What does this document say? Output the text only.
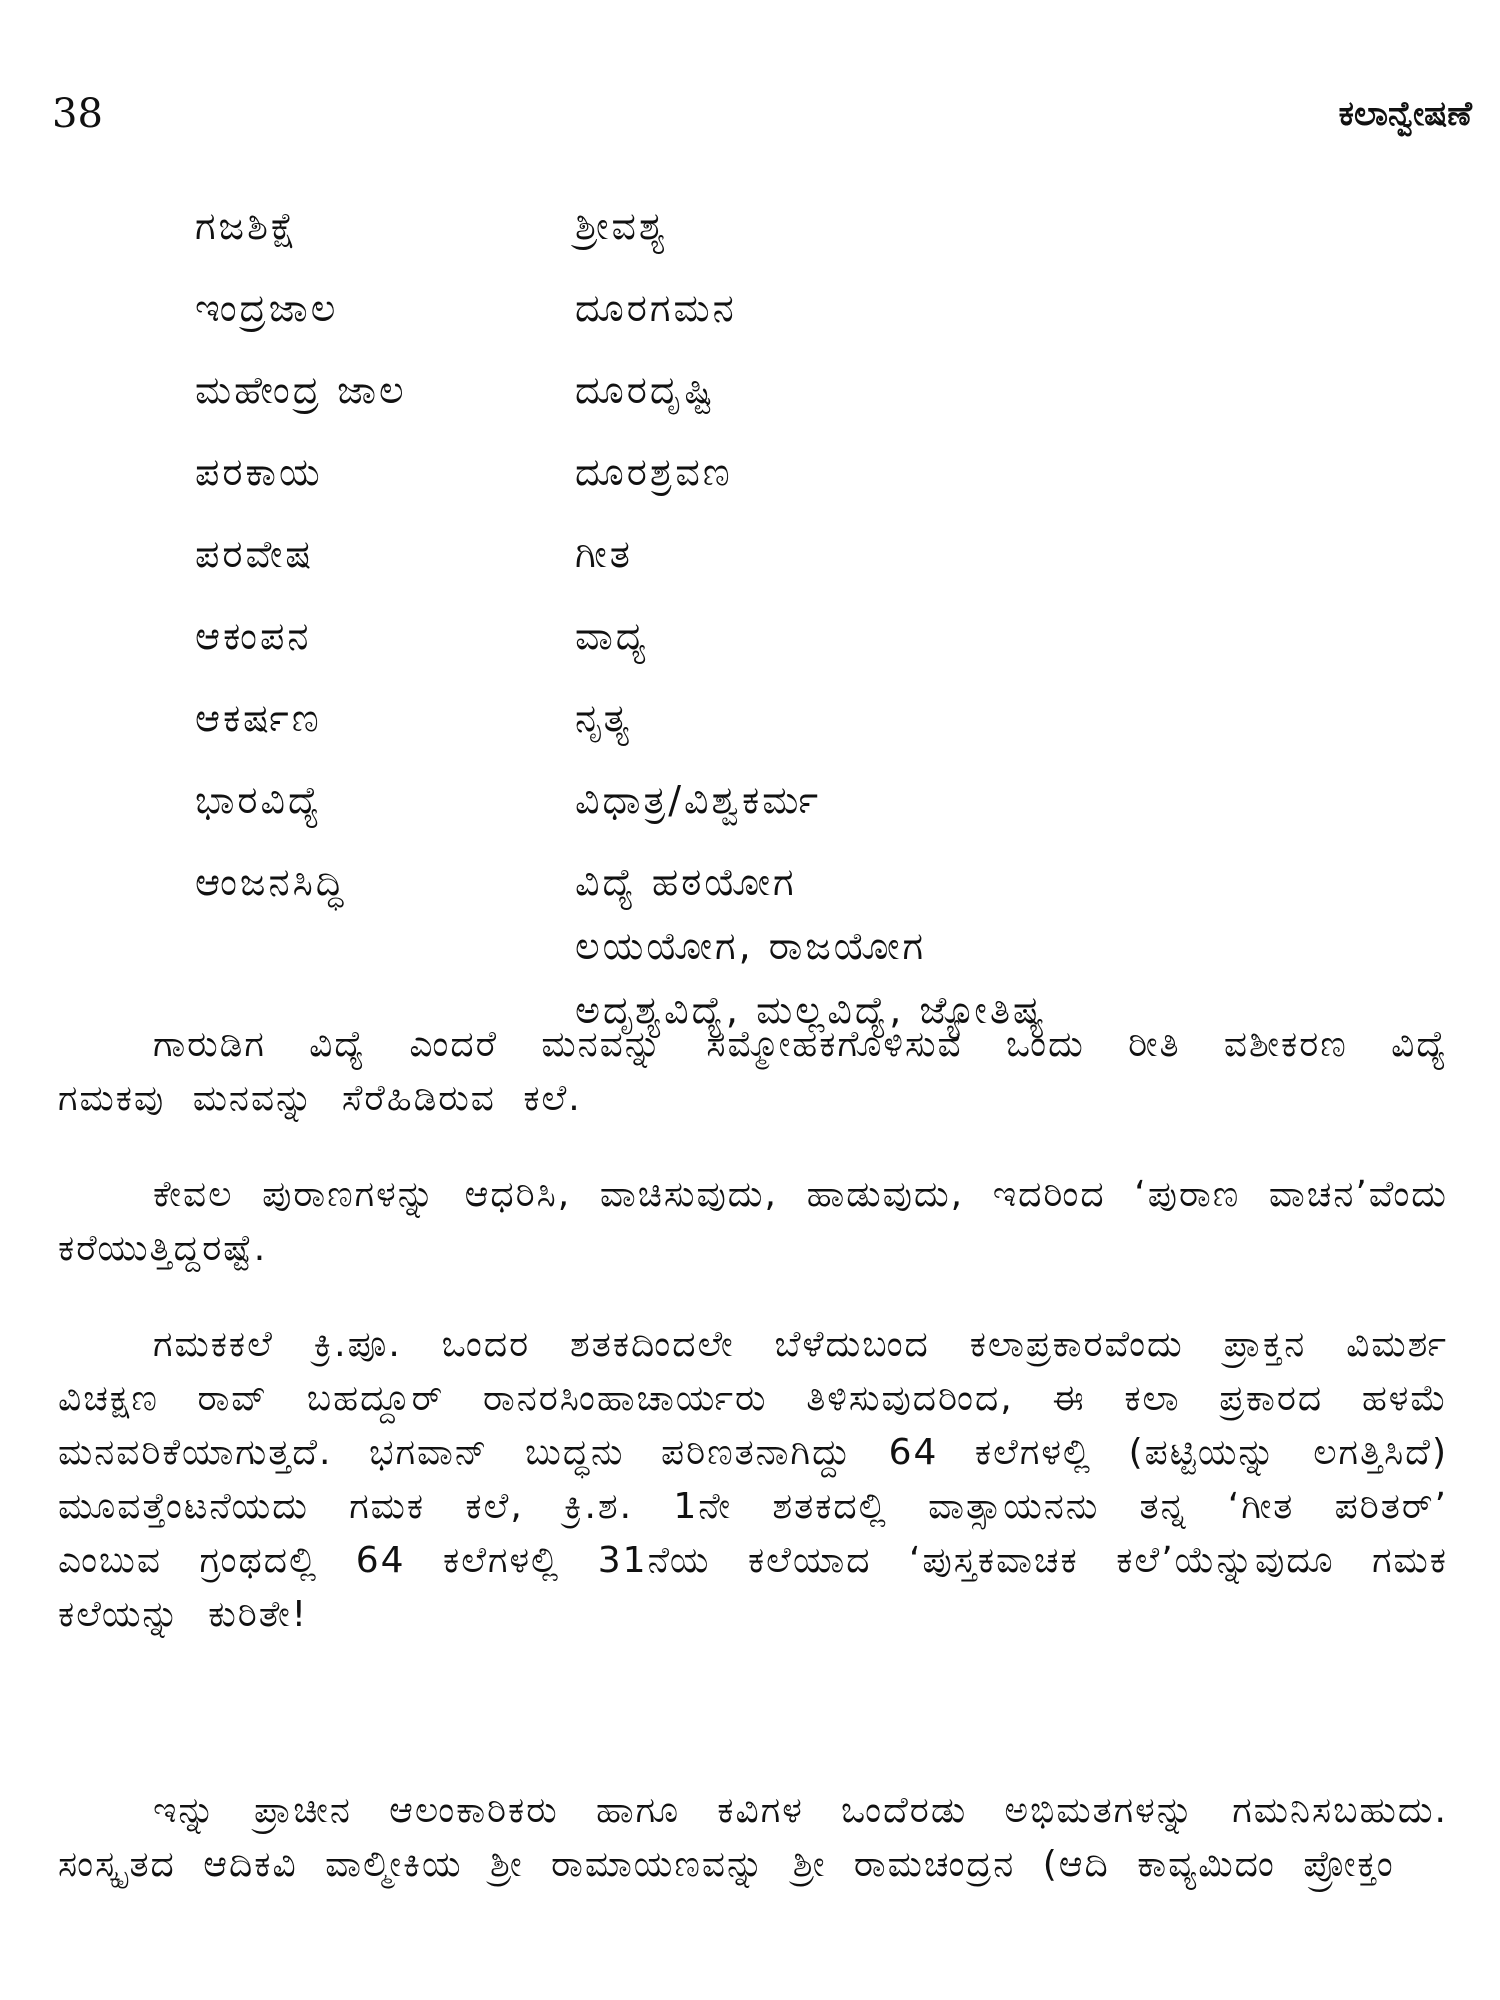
38	ಕಲಾನ್ವೇಷಣೆ
ಗಜಶಿಕ್ಷೆ	ಶ್ರೀವಶ್ಯ
ಇಂದ್ರಜಾಲ	ದೂರಗಮನ
ಮಹೇಂದ್ರ ಜಾಲ	ದೂರದೃಷ್ಟಿ
ಪರಕಾಯ	ದೂರಶ್ರವಣ
ಪರವೇಷ	ಗೀತ
ಆಕಂಪನ	ವಾದ್ಯ
ಆಕರ್ಷಣ	ನೃತ್ಯ
ಭಾರವಿದ್ಯೆ	ವಿಧಾತ್ರ/ವಿಶ್ವಕರ್ಮ
ಆಂಜನಸಿದ್ಧಿ	ವಿದ್ಯೆ ಹಠಯೋಗ
ಲಯಯೋಗ, ರಾಜಯೋಗ
ಅದೃಶ್ಯವಿದ್ಯೆ, ಮಲ್ಲವಿದ್ಯೆ, ಜ್ಯೋತಿಷ್ಯ

ಗಾರುಡಿಗ ವಿದ್ಯೆ ಎಂದರೆ ಮನವನ್ನು ಸಮ್ಮೋಹಕಗೊಳಿಸುವ ಒಂದು ರೀತಿ ವಶೀಕರಣ ವಿದ್ಯೆ ಗಮಕವು ಮನವನ್ನು ಸೆರೆಹಿಡಿರುವ ಕಲೆ.

ಕೇವಲ ಪುರಾಣಗಳನ್ನು ಆಧರಿಸಿ, ವಾಚಿಸುವುದು, ಹಾಡುವುದು, ಇದರಿಂದ ‘ಪುರಾಣ ವಾಚನ’ವೆಂದು ಕರೆಯುತ್ತಿದ್ದರಷ್ಟೆ.

ಗಮಕಕಲೆ ಕ್ರಿ.ಪೂ. ಒಂದರ ಶತಕದಿಂದಲೇ ಬೆಳೆದುಬಂದ ಕಲಾಪ್ರಕಾರವೆಂದು ಪ್ರಾಕ್ತನ ವಿಮರ್ಶ ವಿಚಕ್ಷಣ ರಾವ್ ಬಹದ್ದೂರ್ ರಾನರಸಿಂಹಾಚಾರ್ಯರು ತಿಳಿಸುವುದರಿಂದ, ಈ ಕಲಾ ಪ್ರಕಾರದ ಹಳಮೆ ಮನವರಿಕೆಯಾಗುತ್ತದೆ. ಭಗವಾನ್ ಬುದ್ಧನು ಪರಿಣತನಾಗಿದ್ದು 64 ಕಲೆಗಳಲ್ಲಿ (ಪಟ್ಟಿಯನ್ನು ಲಗತ್ತಿಸಿದೆ) ಮೂವತ್ತೆಂಟನೆಯದು ಗಮಕ ಕಲೆ, ಕ್ರಿ.ಶ. 1ನೇ ಶತಕದಲ್ಲಿ ವಾತ್ಸಾಯನನು ತನ್ನ ‘ಗೀತ ಪರಿತರ್’ ಎಂಬುವ ಗ್ರಂಥದಲ್ಲಿ 64 ಕಲೆಗಳಲ್ಲಿ 31ನೆಯ ಕಲೆಯಾದ ‘ಪುಸ್ತಕವಾಚಕ ಕಲೆ’ಯೆನ್ನುವುದೂ ಗಮಕ ಕಲೆಯನ್ನು ಕುರಿತೇ!

ಇನ್ನು ಪ್ರಾಚೀನ ಆಲಂಕಾರಿಕರು ಹಾಗೂ ಕವಿಗಳ ಒಂದೆರಡು ಅಭಿಮತಗಳನ್ನು ಗಮನಿಸಬಹುದು. ಸಂಸ್ಕೃತದ ಆದಿಕವಿ ವಾಲ್ಮೀಕಿಯ ಶ್ರೀ ರಾಮಾಯಣವನ್ನು ಶ್ರೀ ರಾಮಚಂದ್ರನ (ಆದಿ ಕಾವ್ಯಮಿದಂ ಪ್ರೋಕ್ತಂ
